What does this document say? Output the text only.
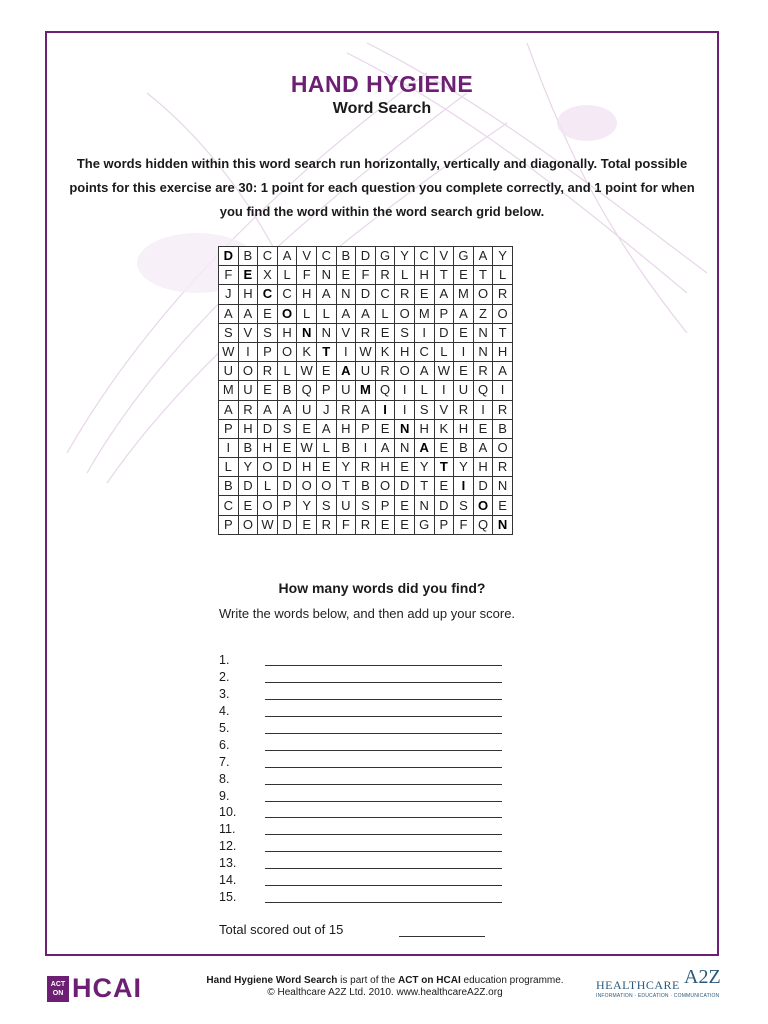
HAND HYGIENE
Word Search
The words hidden within this word search run horizontally, vertically and diagonally. Total possible points for this exercise are 30: 1 point for each question you complete correctly, and 1 point for when you find the word within the word search grid below.
D	B	C	A	V	C	B	D	G	Y	C	V	G	A	Y
F	E	X	L	F	N	E	F	R	L	H	T	E	T	L
J	H	C	C	H	A	N	D	C	R	E	A	M	O	R
A	A	E	O	L	L	A	A	L	O	M	P	A	Z	O
S	V	S	H	N	N	V	R	E	S	I	D	E	N	T
W	I	P	O	K	T	I	W	K	H	C	L	I	N	H
U	O	R	L	W	E	A	U	R	O	A	W	E	R	A
M	U	E	B	Q	P	U	M	Q	I	L	I	U	Q	I
A	R	A	A	U	J	R	A	I	I	S	V	R	I	R
P	H	D	S	E	A	H	P	E	N	H	K	H	E	B
I	B	H	E	W	L	B	I	A	N	A	E	B	A	O
L	Y	O	D	H	E	Y	R	H	E	Y	T	Y	H	R
B	D	L	D	O	O	T	B	O	D	T	E	I	D	N
C	E	O	P	Y	S	U	S	P	E	N	D	S	O	E
P	O	W	D	E	R	F	R	E	E	G	P	F	Q	N
How many words did you find?
Write the words below, and then add up your score.
1.
2.
3.
4.
5.
6.
7.
8.
9.
10.
11.
12.
13.
14.
15.
Total scored out of 15
ACT ON HCAI	Hand Hygiene Word Search is part of the ACT on HCAI education programme.
© Healthcare A2Z Ltd. 2010. www.healthcareA2Z.org
HEALTHCARE A2Z
INFORMATION · EDUCATION · COMMUNICATION
